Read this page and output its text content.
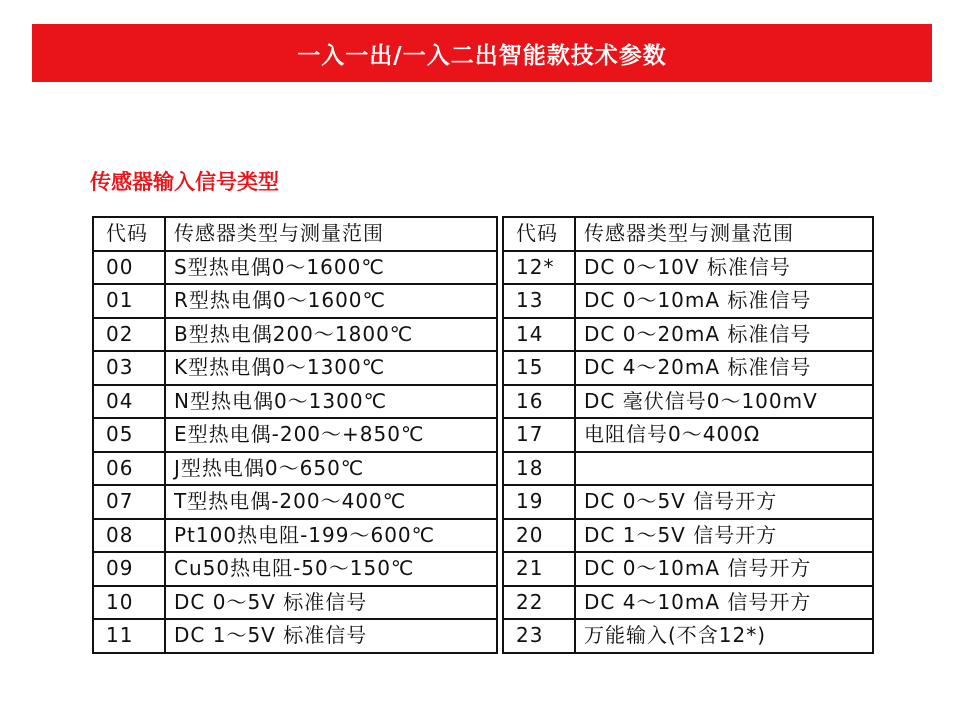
一入一出/一入二出智能款技术参数
传感器输入信号类型
代码	传感器类型与测量范围		代码	传感器类型与测量范围
00	S型热电偶0～1600℃		12*	DC 0～10V 标准信号
01	R型热电偶0～1600℃		13	DC 0～10mA 标准信号
02	B型热电偶200～1800℃		14	DC 0～20mA 标准信号
03	K型热电偶0～1300℃		15	DC 4～20mA 标准信号
04	N型热电偶0～1300℃		16	DC 毫伏信号0～100mV
05	E型热电偶-200～+850℃		17	电阻信号0～400Ω
06	J型热电偶0～650℃		18	
07	T型热电偶-200～400℃		19	DC 0～5V 信号开方
08	Pt100热电阻-199～600℃		20	DC 1～5V 信号开方
09	Cu50热电阻-50～150℃		21	DC 0～10mA 信号开方
10	DC 0～5V 标准信号		22	DC 4～10mA 信号开方
11	DC 1～5V 标准信号		23	万能输入(不含12*)
